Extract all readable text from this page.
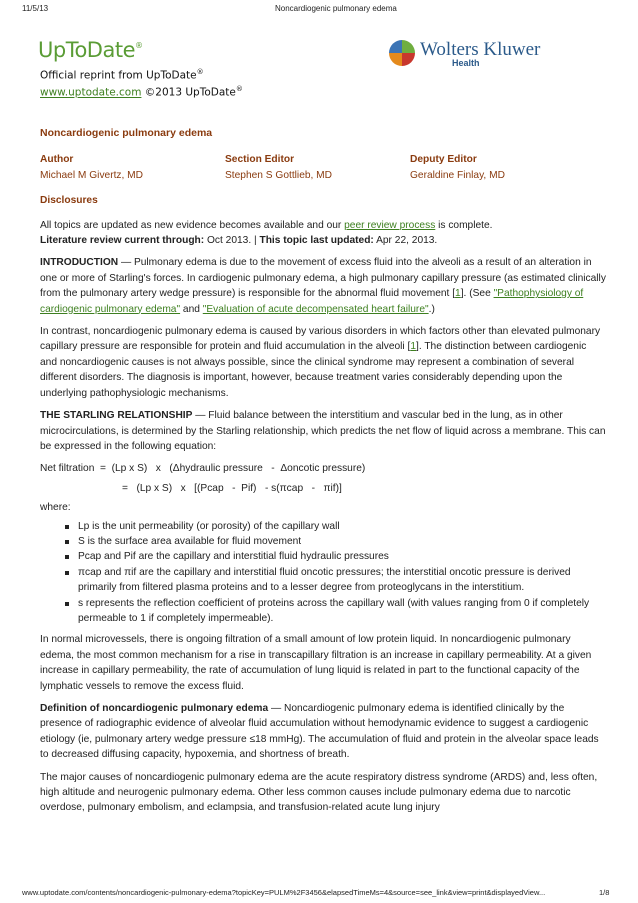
11/5/13	Noncardiogenic pulmonary edema
UpToDate®
Official reprint from UpToDate®
www.uptodate.com ©2013 UpToDate®
Wolters Kluwer
Health
Noncardiogenic pulmonary edema
Author
Michael M Givertz, MD
Section Editor
Stephen S Gottlieb, MD
Deputy Editor
Geraldine Finlay, MD
Disclosures

All topics are updated as new evidence becomes available and our peer review process is complete.
Literature review current through: Oct 2013. | This topic last updated: Apr 22, 2013.

INTRODUCTION — Pulmonary edema is due to the movement of excess fluid into the alveoli as a result of an alteration in one or more of Starling's forces. In cardiogenic pulmonary edema, a high pulmonary capillary pressure (as estimated clinically from the pulmonary artery wedge pressure) is responsible for the abnormal fluid movement [1]. (See "Pathophysiology of cardiogenic pulmonary edema" and "Evaluation of acute decompensated heart failure".)

In contrast, noncardiogenic pulmonary edema is caused by various disorders in which factors other than elevated pulmonary capillary pressure are responsible for protein and fluid accumulation in the alveoli [1]. The distinction between cardiogenic and noncardiogenic causes is not always possible, since the clinical syndrome may represent a combination of several different disorders. The diagnosis is important, however, because treatment varies considerably depending upon the underlying pathophysiologic mechanisms.

THE STARLING RELATIONSHIP — Fluid balance between the interstitium and vascular bed in the lung, as in other microcirculations, is determined by the Starling relationship, which predicts the net flow of liquid across a membrane. This can be expressed in the following equation:

Net filtration  =  (Lp x S)   x   (Δhydraulic pressure   -  Δoncotic pressure)
=   (Lp x S)   x   [(Pcap   -  Pif)   - s(πcap   -   πif)]
where:
Lp is the unit permeability (or porosity) of the capillary wall
S is the surface area available for fluid movement
Pcap and Pif are the capillary and interstitial fluid hydraulic pressures
πcap and πif are the capillary and interstitial fluid oncotic pressures; the interstitial oncotic pressure is derived primarily from filtered plasma proteins and to a lesser degree from proteoglycans in the interstitium.
s represents the reflection coefficient of proteins across the capillary wall (with values ranging from 0 if completely permeable to 1 if completely impermeable).

In normal microvessels, there is ongoing filtration of a small amount of low protein liquid. In noncardiogenic pulmonary edema, the most common mechanism for a rise in transcapillary filtration is an increase in capillary permeability. At a given increase in capillary permeability, the rate of accumulation of lung liquid is related in part to the functional capacity of the lymphatic vessels to remove the excess fluid.

Definition of noncardiogenic pulmonary edema — Noncardiogenic pulmonary edema is identified clinically by the presence of radiographic evidence of alveolar fluid accumulation without hemodynamic evidence to suggest a cardiogenic etiology (ie, pulmonary artery wedge pressure ≤18 mmHg). The accumulation of fluid and protein in the alveolar space leads to decreased diffusing capacity, hypoxemia, and shortness of breath.

The major causes of noncardiogenic pulmonary edema are the acute respiratory distress syndrome (ARDS) and, less often, high altitude and neurogenic pulmonary edema. Other less common causes include pulmonary edema due to narcotic overdose, pulmonary embolism, and eclampsia, and transfusion-related acute lung injury

www.uptodate.com/contents/noncardiogenic-pulmonary-edema?topicKey=PULM%2F3456&elapsedTimeMs=4&source=see_link&view=print&displayedView...	1/8
